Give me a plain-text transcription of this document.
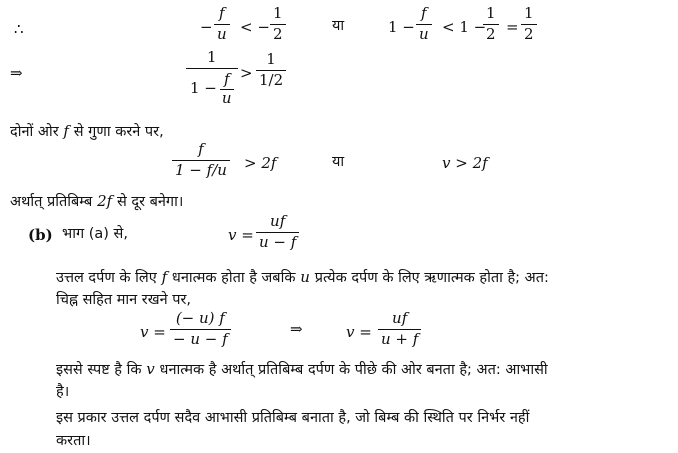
∴	− $\frac{f}{u}$ < − $\frac{1}{2}$	या	$1 - \frac{f}{u} < 1$ −
$\frac{1}{2} = \frac{1}{2}$
⇒	$\frac{1}{1 - \frac{f}{u}} > \frac{1}{1/2}$
दोनों ओर f से गुणा करने पर,
$\frac{f}{1 - f/u} > 2f$	या	v > 2f
अर्थात् प्रतिबिम्ब 2f से दूर बनेगा।
(b) भाग (a) से,	$v = \frac{uf}{u - f}$
उत्तल दर्पण के लिए f धनात्मक होता है जबकि u प्रत्येक दर्पण के लिए ऋणात्मक होता है; अत:
चिह्न सहित मान रखने पर,
$v = \frac{(- u) f}{- u - f}$	⇒	$v = \frac{uf}{u + f}$
इससे स्पष्ट है कि v धनात्मक है अर्थात् प्रतिबिम्ब दर्पण के पीछे की ओर बनता है; अत: आभासी
है।
इस प्रकार उत्तल दर्पण सदैव आभासी प्रतिबिम्ब बनाता है, जो बिम्ब की स्थिति पर निर्भर नहीं
करता।
